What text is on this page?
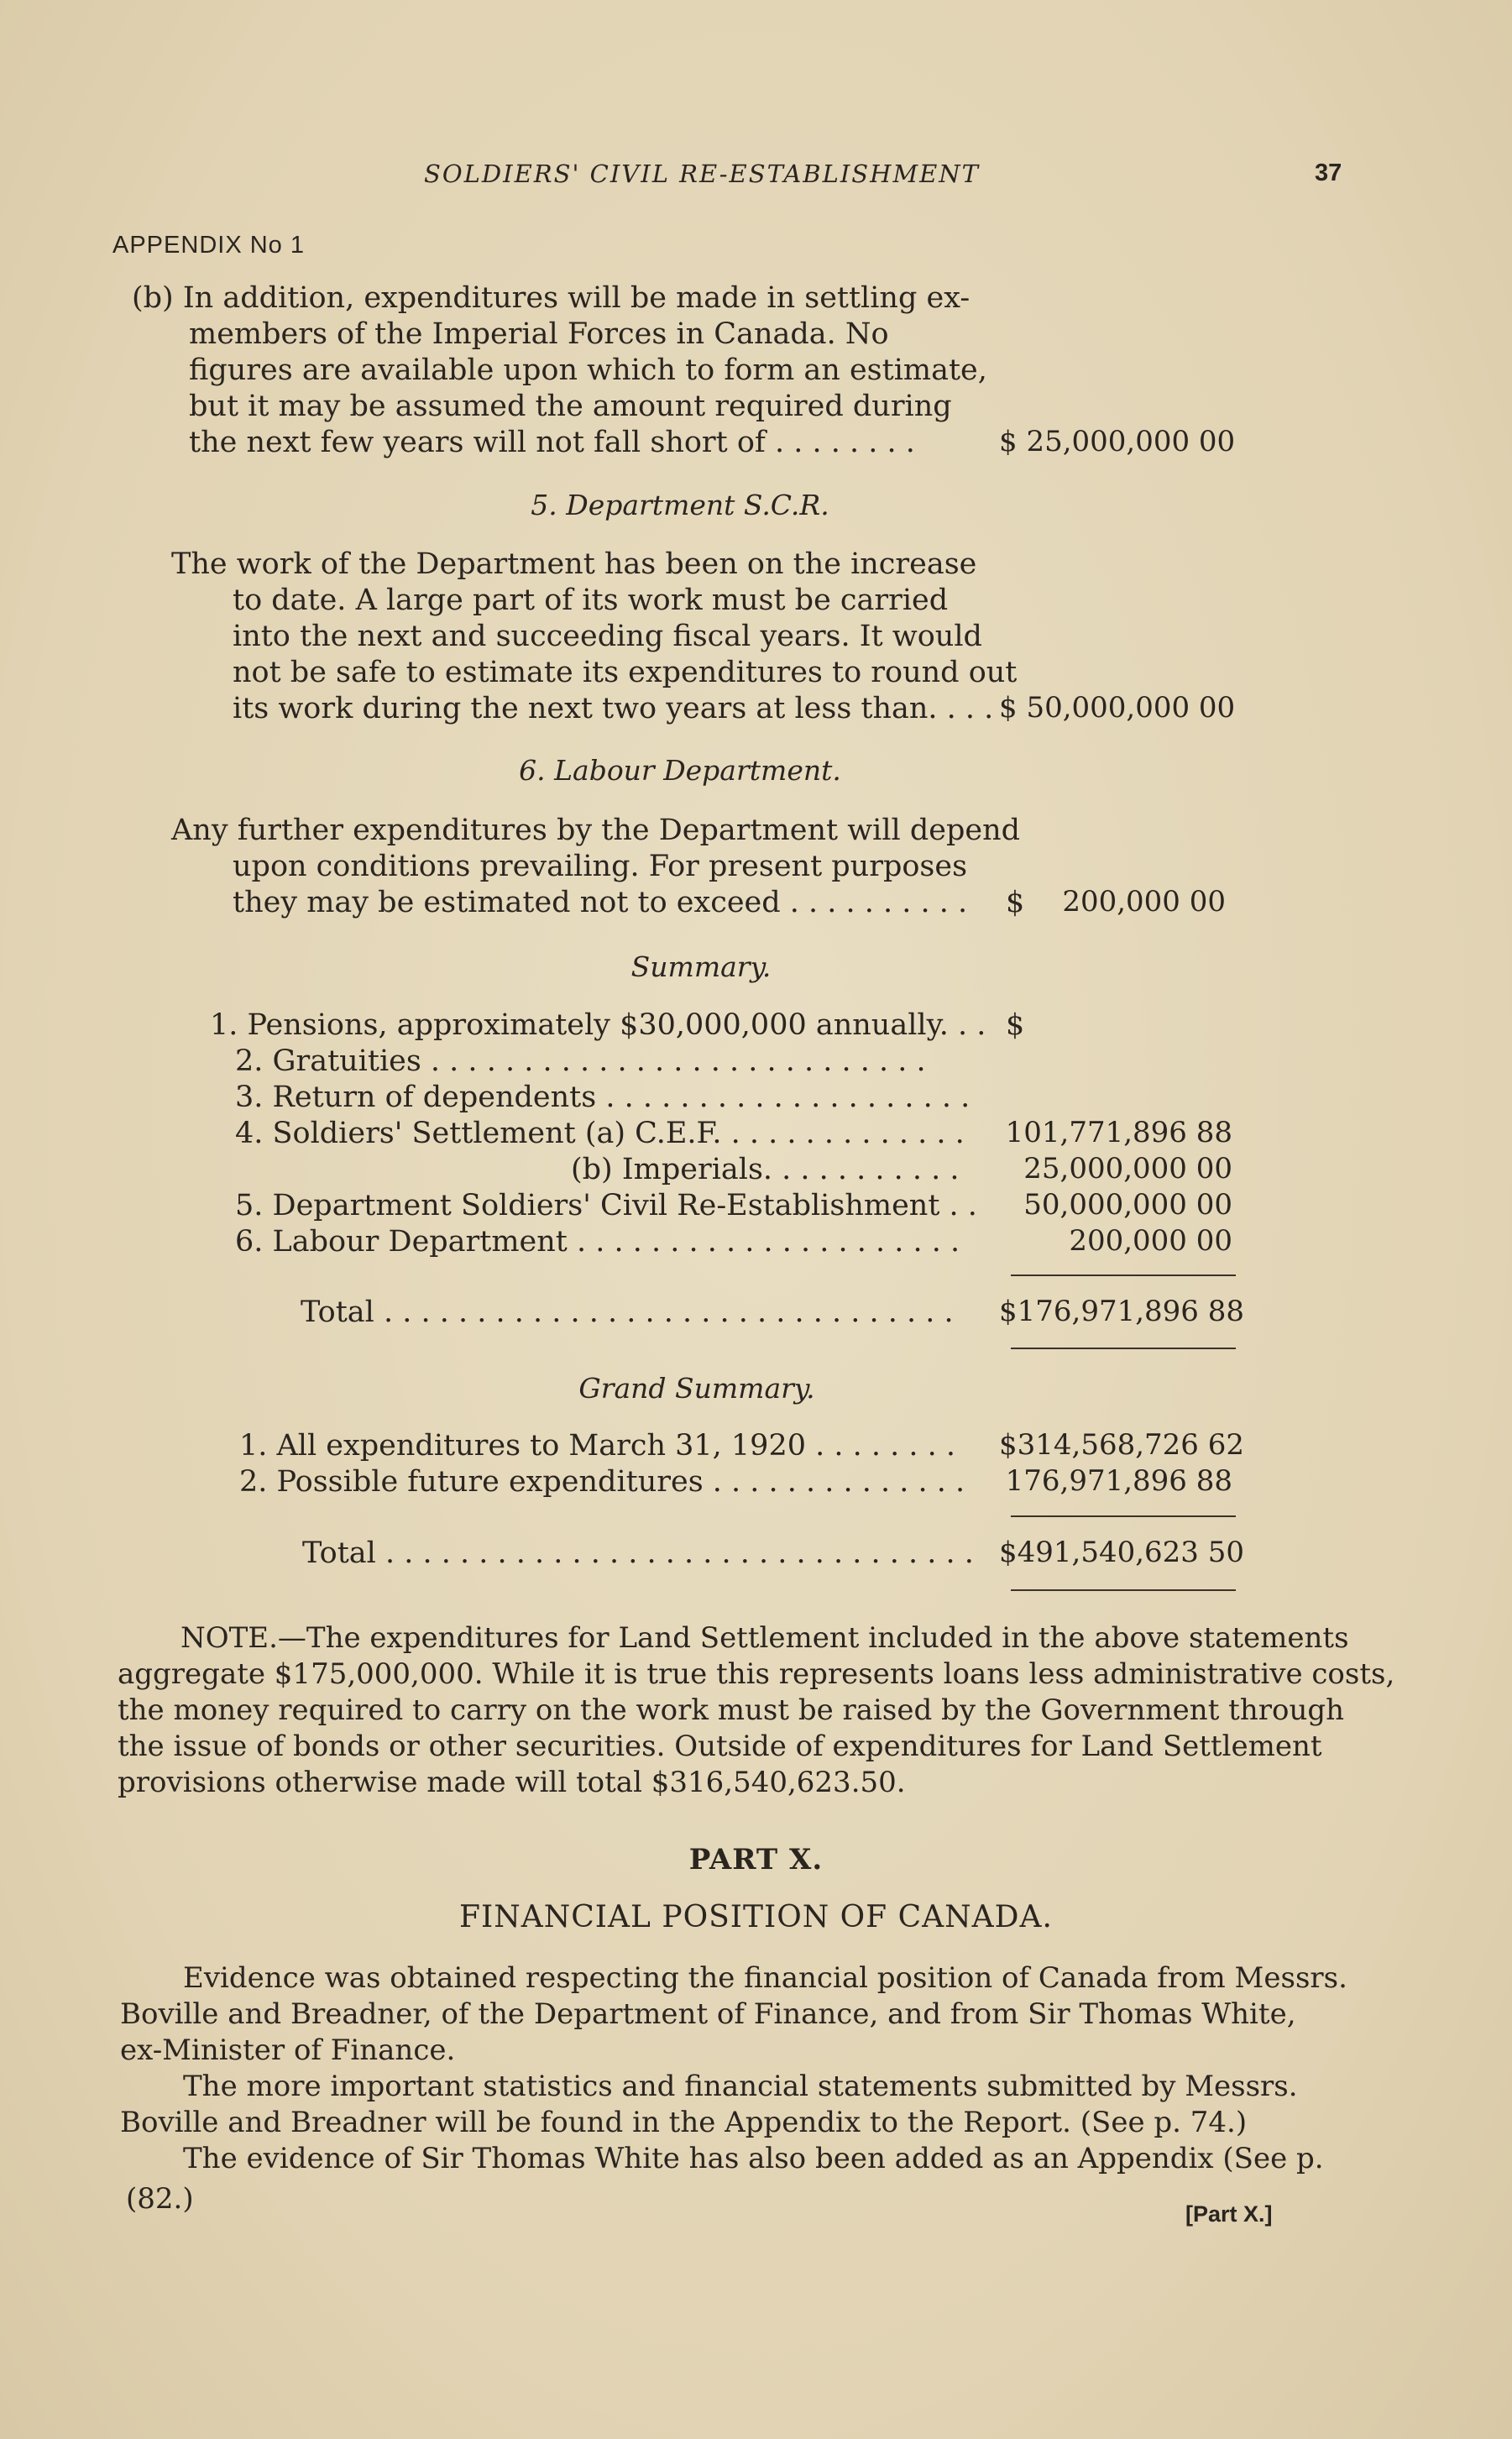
SOLDIERS' CIVIL RE-ESTABLISHMENT	37
APPENDIX No 1
(b) In addition, expenditures will be made in settling ex-
members of the Imperial Forces in Canada. No
figures are available upon which to form an estimate,
but it may be assumed the amount required during
the next few years will not fall short of . . . . . . . .	$ 25,000,000 00
5. Department S.C.R.
The work of the Department has been on the increase
to date. A large part of its work must be carried
into the next and succeeding fiscal years. It would
not be safe to estimate its expenditures to round out
its work during the next two years at less than. . . . $ 50,000,000 00
6. Labour Department.
Any further expenditures by the Department will depend
upon conditions prevailing. For present purposes
they may be estimated not to exceed . . . . . . . . . . $	200,000 00
Summary.
1. Pensions, approximately $30,000,000 annually. . . $
2. Gratuities . . . . . . . . . . . . . . . . . . . . . . . . . . .
3. Return of dependents . . . . . . . . . . . . . . . . . . . .
4. Soldiers' Settlement (a) C.E.F. . . . . . . . . . . . . . 101,771,896 88
(b) Imperials. . . . . . . . . . .	25,000,000 00
5. Department Soldiers' Civil Re-Establishment . .	50,000,000 00
6. Labour Department . . . . . . . . . . . . . . . . . . . . .	200,000 00
Total . . . . . . . . . . . . . . . . . . . . . . . . . . . . . . . $176,971,896 88
Grand Summary.
1. All expenditures to March 31, 1920 . . . . . . . . $314,568,726 62
2. Possible future expenditures . . . . . . . . . . . . . . 176,971,896 88
Total . . . . . . . . . . . . . . . . . . . . . . . . . . . . . . . . $491,540,623 50
NOTE.—The expenditures for Land Settlement included in the above statements
aggregate $175,000,000. While it is true this represents loans less administrative costs,
the money required to carry on the work must be raised by the Government through
the issue of bonds or other securities. Outside of expenditures for Land Settlement
provisions otherwise made will total $316,540,623.50.
PART X.
FINANCIAL POSITION OF CANADA.
Evidence was obtained respecting the financial position of Canada from Messrs.
Boville and Breadner, of the Department of Finance, and from Sir Thomas White,
ex-Minister of Finance.
The more important statistics and financial statements submitted by Messrs.
Boville and Breadner will be found in the Appendix to the Report. (See p. 74.)
The evidence of Sir Thomas White has also been added as an Appendix (See p.
(82.)	[Part X.]
